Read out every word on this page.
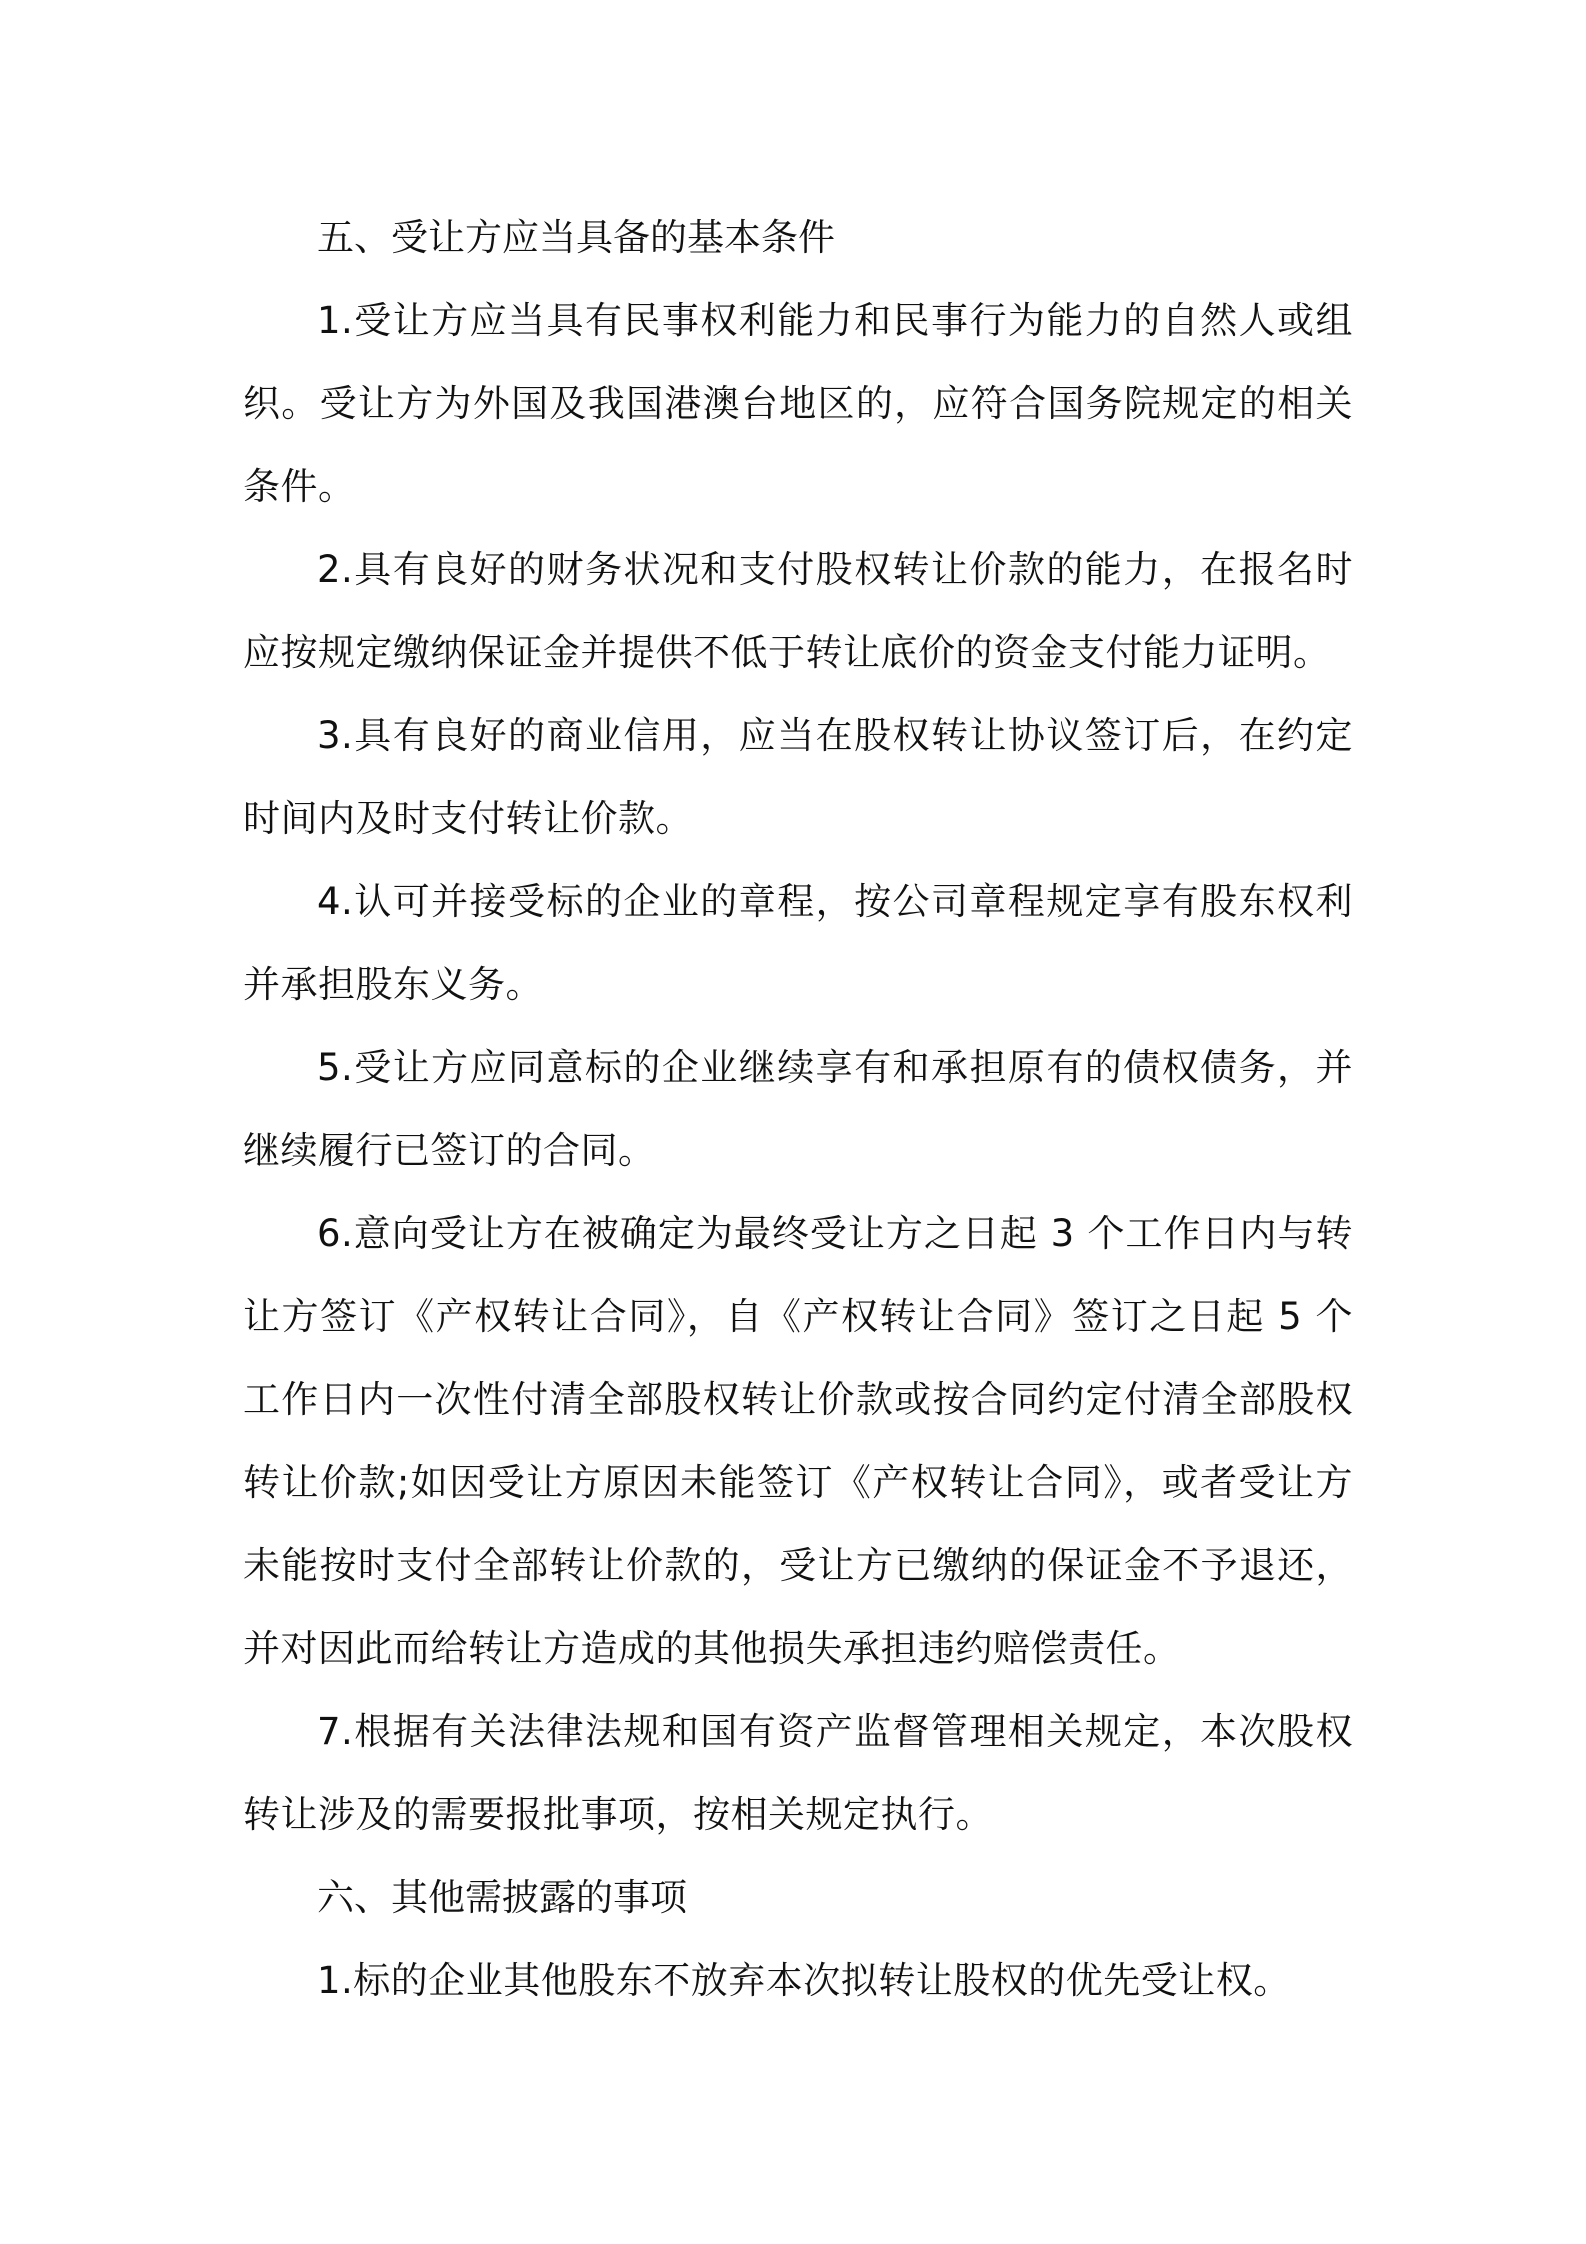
五、受让方应当具备的基本条件

1.受让方应当具有民事权利能力和民事行为能力的自然人或组织。受让方为外国及我国港澳台地区的，应符合国务院规定的相关条件。

2.具有良好的财务状况和支付股权转让价款的能力，在报名时应按规定缴纳保证金并提供不低于转让底价的资金支付能力证明。

3.具有良好的商业信用，应当在股权转让协议签订后，在约定时间内及时支付转让价款。

4.认可并接受标的企业的章程，按公司章程规定享有股东权利并承担股东义务。

5.受让方应同意标的企业继续享有和承担原有的债权债务，并继续履行已签订的合同。

6.意向受让方在被确定为最终受让方之日起 3 个工作日内与转让方签订《产权转让合同》，自《产权转让合同》签订之日起 5 个工作日内一次性付清全部股权转让价款或按合同约定付清全部股权转让价款;如因受让方原因未能签订《产权转让合同》，或者受让方未能按时支付全部转让价款的，受让方已缴纳的保证金不予退还，并对因此而给转让方造成的其他损失承担违约赔偿责任。

7.根据有关法律法规和国有资产监督管理相关规定，本次股权转让涉及的需要报批事项，按相关规定执行。

六、其他需披露的事项

1.标的企业其他股东不放弃本次拟转让股权的优先受让权。
